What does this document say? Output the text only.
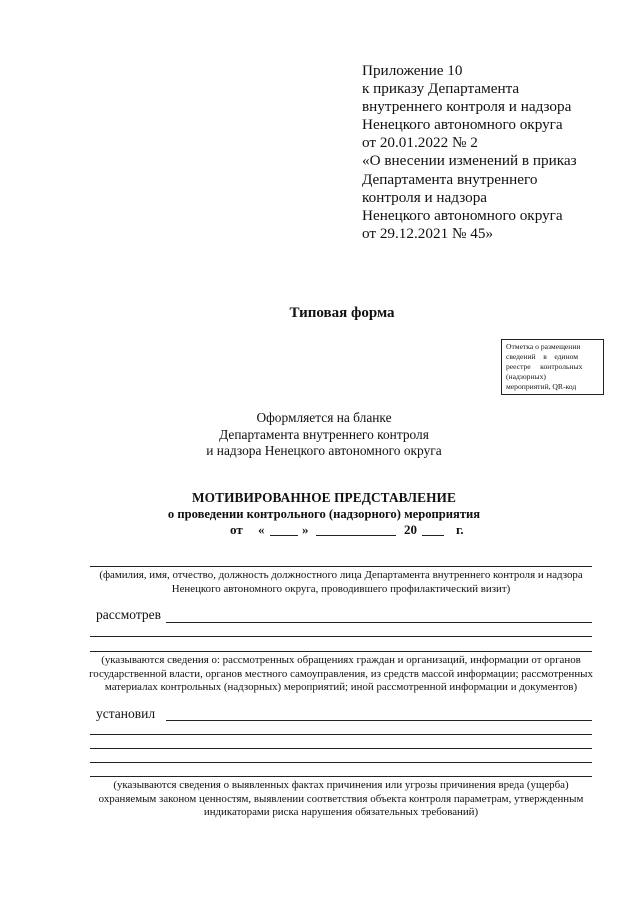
Приложение 10
к приказу Департамента
внутреннего контроля и надзора
Ненецкого автономного округа
от 20.01.2022 № 2
«О внесении изменений в приказ
Департамента внутреннего
контроля и надзора
Ненецкого автономного округа
от 29.12.2021 № 45»
Типовая форма
Отметка о размещении
сведений    в    едином
реестре     контрольных
(надзорных)
мероприятий, QR-код
Оформляется на бланке
Департамента внутреннего контроля
и надзора Ненецкого автономного округа
МОТИВИРОВАННОЕ ПРЕДСТАВЛЕНИЕ
о проведении контрольного (надзорного) мероприятия
от «	»	20	г.
(фамилия, имя, отчество, должность должностного лица Департамента внутреннего контроля и надзора
Ненецкого автономного округа, проводившего профилактический визит)
рассмотрев
(указываются сведения о: рассмотренных обращениях граждан и организаций, информации от органов
государственной власти, органов местного самоуправления, из средств массой информации; рассмотренных
материалах контрольных (надзорных) мероприятий; иной рассмотренной информации и документов)
установил
(указываются сведения о выявленных фактах причинения или угрозы причинения вреда (ущерба)
охраняемым законом ценностям, выявлении соответствия объекта контроля параметрам, утвержденным
индикаторами риска нарушения обязательных требований)
